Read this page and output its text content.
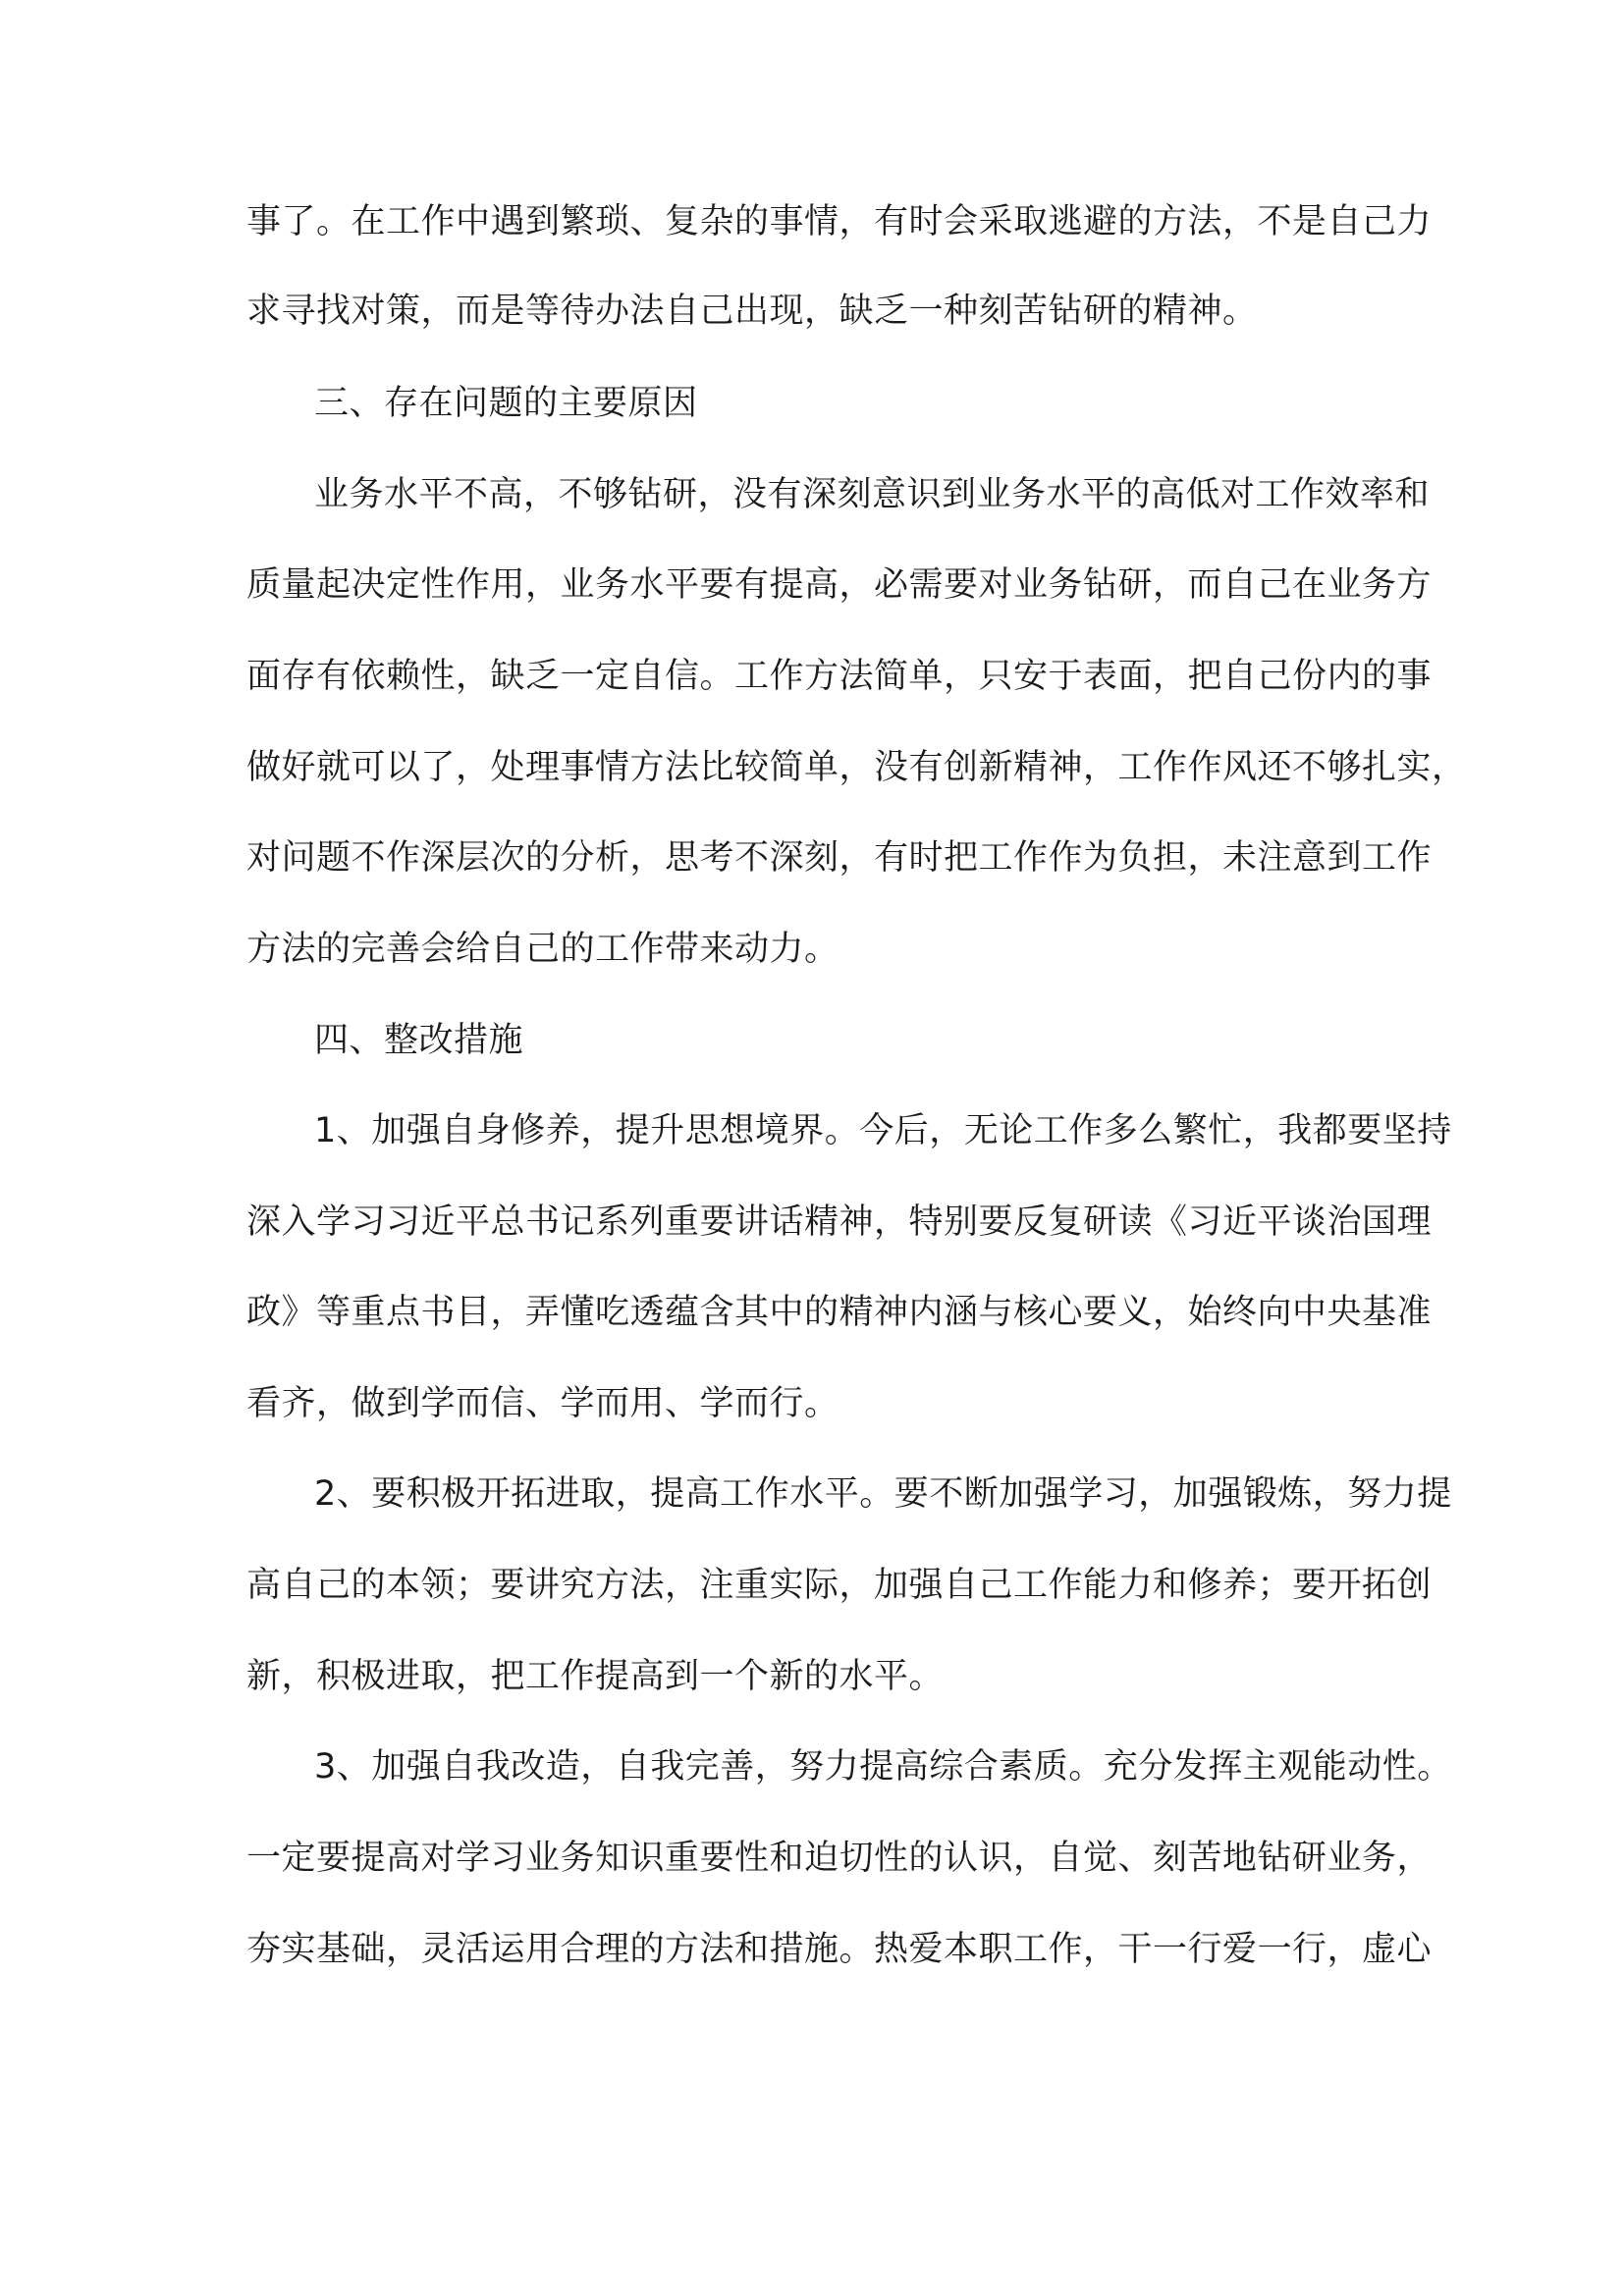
事了。在工作中遇到繁琐、复杂的事情，有时会采取逃避的方法，不是自己力
求寻找对策，而是等待办法自己出现，缺乏一种刻苦钻研的精神。
三、存在问题的主要原因
业务水平不高，不够钻研，没有深刻意识到业务水平的高低对工作效率和
质量起决定性作用，业务水平要有提高，必需要对业务钻研，而自己在业务方
面存有依赖性，缺乏一定自信。工作方法简单，只安于表面，把自己份内的事
做好就可以了，处理事情方法比较简单，没有创新精神，工作作风还不够扎实，
对问题不作深层次的分析，思考不深刻，有时把工作作为负担，未注意到工作
方法的完善会给自己的工作带来动力。
四、整改措施
1、加强自身修养，提升思想境界。今后，无论工作多么繁忙，我都要坚持
深入学习习近平总书记系列重要讲话精神，特别要反复研读《习近平谈治国理
政》等重点书目，弄懂吃透蕴含其中的精神内涵与核心要义，始终向中央基准
看齐，做到学而信、学而用、学而行。
2、要积极开拓进取，提高工作水平。要不断加强学习，加强锻炼，努力提
高自己的本领；要讲究方法，注重实际，加强自己工作能力和修养；要开拓创
新，积极进取，把工作提高到一个新的水平。
3、加强自我改造，自我完善，努力提高综合素质。充分发挥主观能动性。
一定要提高对学习业务知识重要性和迫切性的认识，自觉、刻苦地钻研业务，
夯实基础，灵活运用合理的方法和措施。热爱本职工作，干一行爱一行，虚心
